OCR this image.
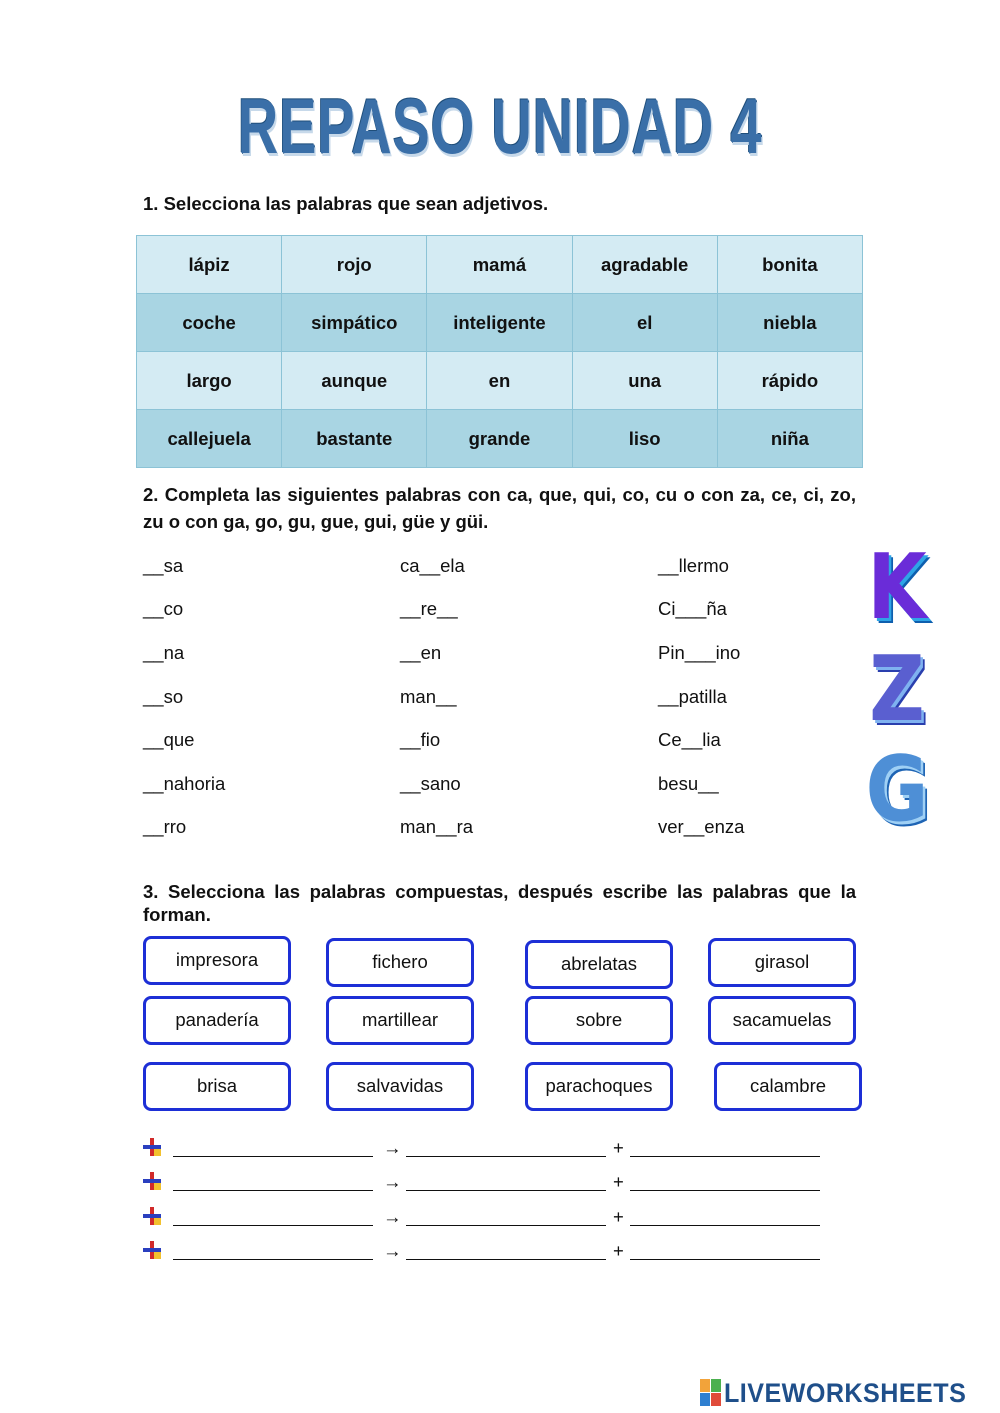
REPASO UNIDAD 4
1. Selecciona las palabras que sean adjetivos.
lápiz	rojo	mamá	agradable	bonita
coche	simpático	inteligente	el	niebla
largo	aunque	en	una	rápido
callejuela	bastante	grande	liso	niña
2. Completa las siguientes palabras con ca, que, qui, co, cu o con za, ce, ci, zo, zu o con ga, go, gu, gue, gui, güe y güi.
__sa
__co
__na
__so
__que
__nahoria
__rro
ca__ela
__re__
__en
man__
__fio
__sano
man__ra
__llermo
Ci___ña
Pin___ino
__patilla
Ce__lia
besu__
ver__enza
K
Z
G
3. Selecciona las palabras compuestas, después escribe las palabras que la forman.
impresora	fichero	abrelatas	girasol
panadería	martillear	sobre	sacamuelas
brisa	salvavidas	parachoques	calambre
→	+
→	+
→	+
→	+
LIVEWORKSHEETS
